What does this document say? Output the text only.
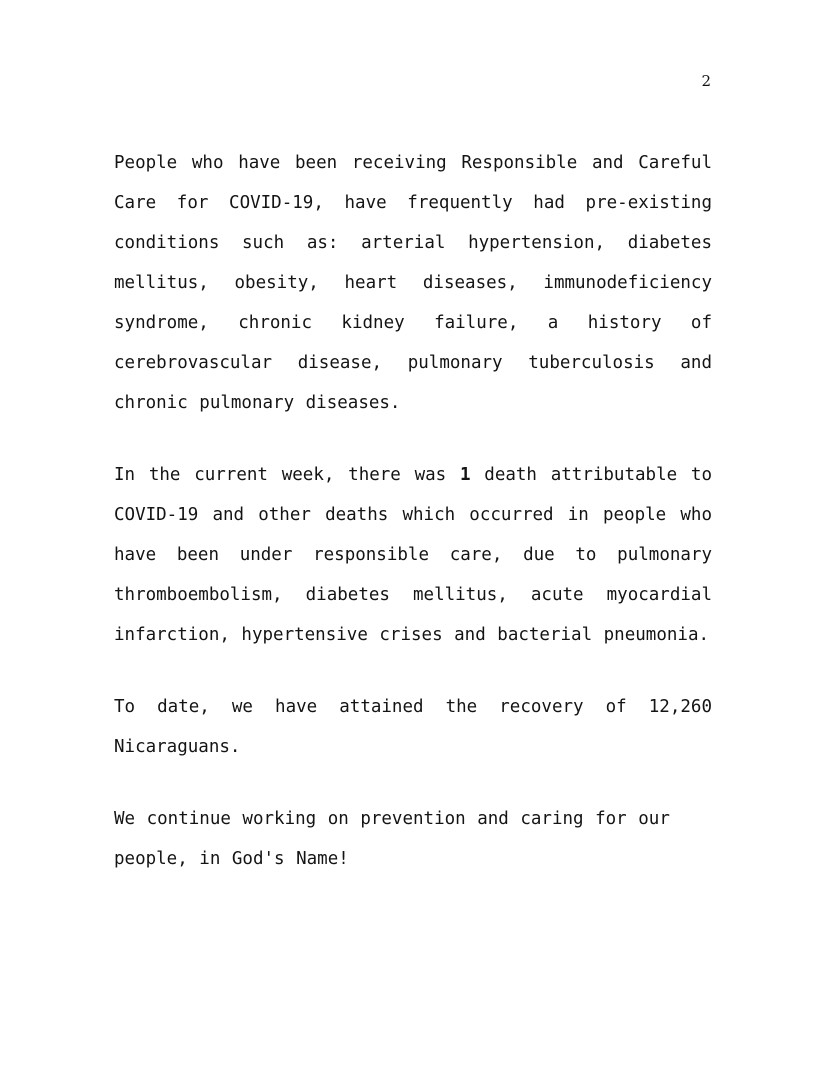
2

People who have been receiving Responsible and Careful Care for COVID-19, have frequently had pre-existing conditions such as: arterial hypertension, diabetes mellitus, obesity, heart diseases, immunodeficiency syndrome, chronic kidney failure, a history of cerebrovascular disease, pulmonary tuberculosis and chronic pulmonary diseases.

In the current week, there was 1 death attributable to COVID-19 and other deaths which occurred in people who have been under responsible care, due to pulmonary thromboembolism, diabetes mellitus, acute myocardial infarction, hypertensive crises and bacterial pneumonia.

To date, we have attained the recovery of 12,260 Nicaraguans.

We continue working on prevention and caring for our people, in God's Name!
